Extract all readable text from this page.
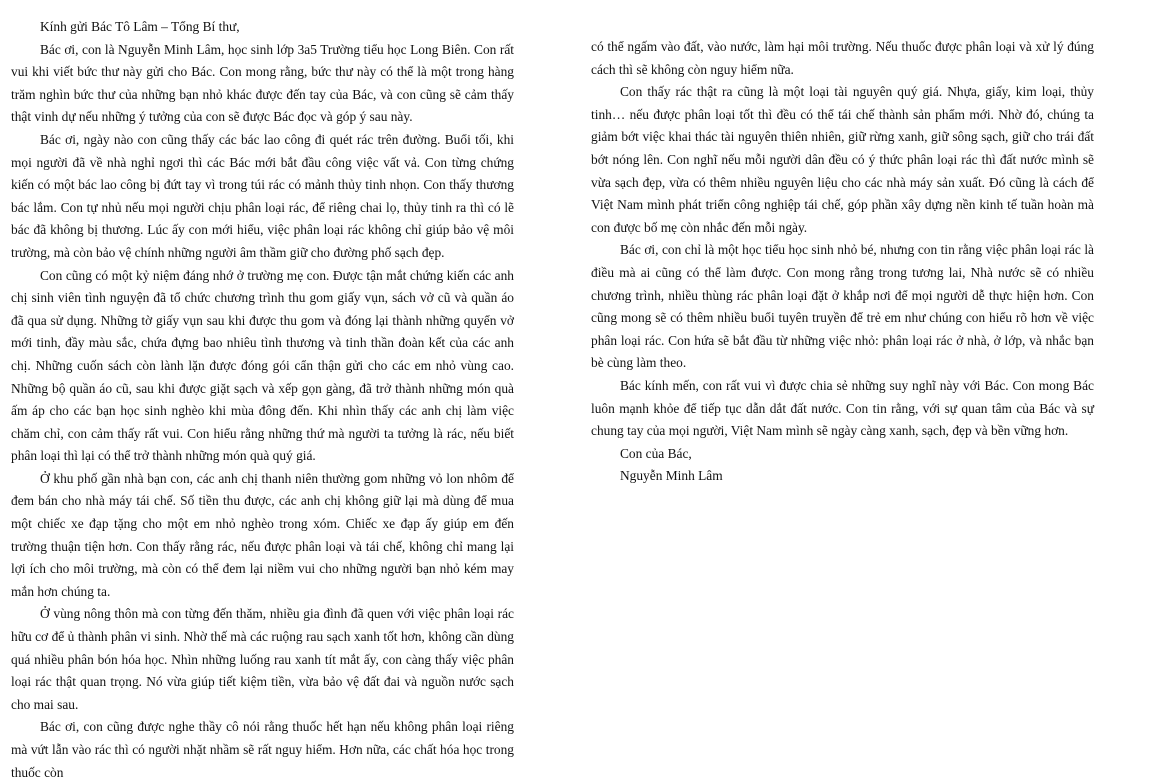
Kính gửi Bác Tô Lâm – Tổng Bí thư,

Bác ơi, con là Nguyễn Minh Lâm, học sinh lớp 3a5 Trường tiểu học Long Biên. Con rất vui khi viết bức thư này gửi cho Bác. Con mong rằng, bức thư này có thể là một trong hàng trăm nghìn bức thư của những bạn nhỏ khác được đến tay của Bác, và con cũng sẽ cảm thấy thật vinh dự nếu những ý tưởng của con sẽ được Bác đọc và góp ý sau này.

Bác ơi, ngày nào con cũng thấy các bác lao công đi quét rác trên đường. Buổi tối, khi mọi người đã về nhà nghỉ ngơi thì các Bác mới bắt đầu công việc vất vả. Con từng chứng kiến có một bác lao công bị đứt tay vì trong túi rác có mảnh thủy tinh nhọn. Con thấy thương bác lắm. Con tự nhủ nếu mọi người chịu phân loại rác, để riêng chai lọ, thủy tinh ra thì có lẽ bác đã không bị thương. Lúc ấy con mới hiểu, việc phân loại rác không chỉ giúp bảo vệ môi trường, mà còn bảo vệ chính những người âm thầm giữ cho đường phố sạch đẹp.

Con cũng có một kỷ niệm đáng nhớ ở trường mẹ con. Được tận mắt chứng kiến các anh chị sinh viên tình nguyện đã tổ chức chương trình thu gom giấy vụn, sách vở cũ và quần áo đã qua sử dụng. Những tờ giấy vụn sau khi được thu gom và đóng lại thành những quyển vở mới tinh, đầy màu sắc, chứa đựng bao nhiêu tình thương và tinh thần đoàn kết của các anh chị. Những cuốn sách còn lành lặn được đóng gói cẩn thận gửi cho các em nhỏ vùng cao. Những bộ quần áo cũ, sau khi được giặt sạch và xếp gọn gàng, đã trở thành những món quà ấm áp cho các bạn học sinh nghèo khi mùa đông đến. Khi nhìn thấy các anh chị làm việc chăm chỉ, con cảm thấy rất vui. Con hiểu rằng những thứ mà người ta tưởng là rác, nếu biết phân loại thì lại có thể trở thành những món quà quý giá.

Ở khu phố gần nhà bạn con, các anh chị thanh niên thường gom những vỏ lon nhôm để đem bán cho nhà máy tái chế. Số tiền thu được, các anh chị không giữ lại mà dùng để mua một chiếc xe đạp tặng cho một em nhỏ nghèo trong xóm. Chiếc xe đạp ấy giúp em đến trường thuận tiện hơn. Con thấy rằng rác, nếu được phân loại và tái chế, không chỉ mang lại lợi ích cho môi trường, mà còn có thể đem lại niềm vui cho những người bạn nhỏ kém may mắn hơn chúng ta.

Ở vùng nông thôn mà con từng đến thăm, nhiều gia đình đã quen với việc phân loại rác hữu cơ để ủ thành phân vi sinh. Nhờ thế mà các ruộng rau sạch xanh tốt hơn, không cần dùng quá nhiều phân bón hóa học. Nhìn những luống rau xanh tít mắt ấy, con càng thấy việc phân loại rác thật quan trọng. Nó vừa giúp tiết kiệm tiền, vừa bảo vệ đất đai và nguồn nước sạch cho mai sau.

Bác ơi, con cũng được nghe thầy cô nói rằng thuốc hết hạn nếu không phân loại riêng mà vứt lẫn vào rác thì có người nhặt nhầm sẽ rất nguy hiểm. Hơn nữa, các chất hóa học trong thuốc còn

có thể ngấm vào đất, vào nước, làm hại môi trường. Nếu thuốc được phân loại và xử lý đúng cách thì sẽ không còn nguy hiểm nữa.

Con thấy rác thật ra cũng là một loại tài nguyên quý giá. Nhựa, giấy, kim loại, thủy tinh… nếu được phân loại tốt thì đều có thể tái chế thành sản phẩm mới. Nhờ đó, chúng ta giảm bớt việc khai thác tài nguyên thiên nhiên, giữ rừng xanh, giữ sông sạch, giữ cho trái đất bớt nóng lên. Con nghĩ nếu mỗi người dân đều có ý thức phân loại rác thì đất nước mình sẽ vừa sạch đẹp, vừa có thêm nhiều nguyên liệu cho các nhà máy sản xuất. Đó cũng là cách để Việt Nam mình phát triển công nghiệp tái chế, góp phần xây dựng nền kinh tế tuần hoàn mà con được bố mẹ còn nhắc đến mỗi ngày.

Bác ơi, con chỉ là một học tiểu học sinh nhỏ bé, nhưng con tin rằng việc phân loại rác là điều mà ai cũng có thể làm được. Con mong rằng trong tương lai, Nhà nước sẽ có nhiều chương trình, nhiều thùng rác phân loại đặt ở khắp nơi để mọi người dễ thực hiện hơn. Con cũng mong sẽ có thêm nhiều buổi tuyên truyền để trẻ em như chúng con hiểu rõ hơn về việc phân loại rác. Con hứa sẽ bắt đầu từ những việc nhỏ: phân loại rác ở nhà, ở lớp, và nhắc bạn bè cùng làm theo.

Bác kính mến, con rất vui vì được chia sẻ những suy nghĩ này với Bác. Con mong Bác luôn mạnh khỏe để tiếp tục dẫn dắt đất nước. Con tin rằng, với sự quan tâm của Bác và sự chung tay của mọi người, Việt Nam mình sẽ ngày càng xanh, sạch, đẹp và bền vững hơn.

Con của Bác,

Nguyễn Minh Lâm
